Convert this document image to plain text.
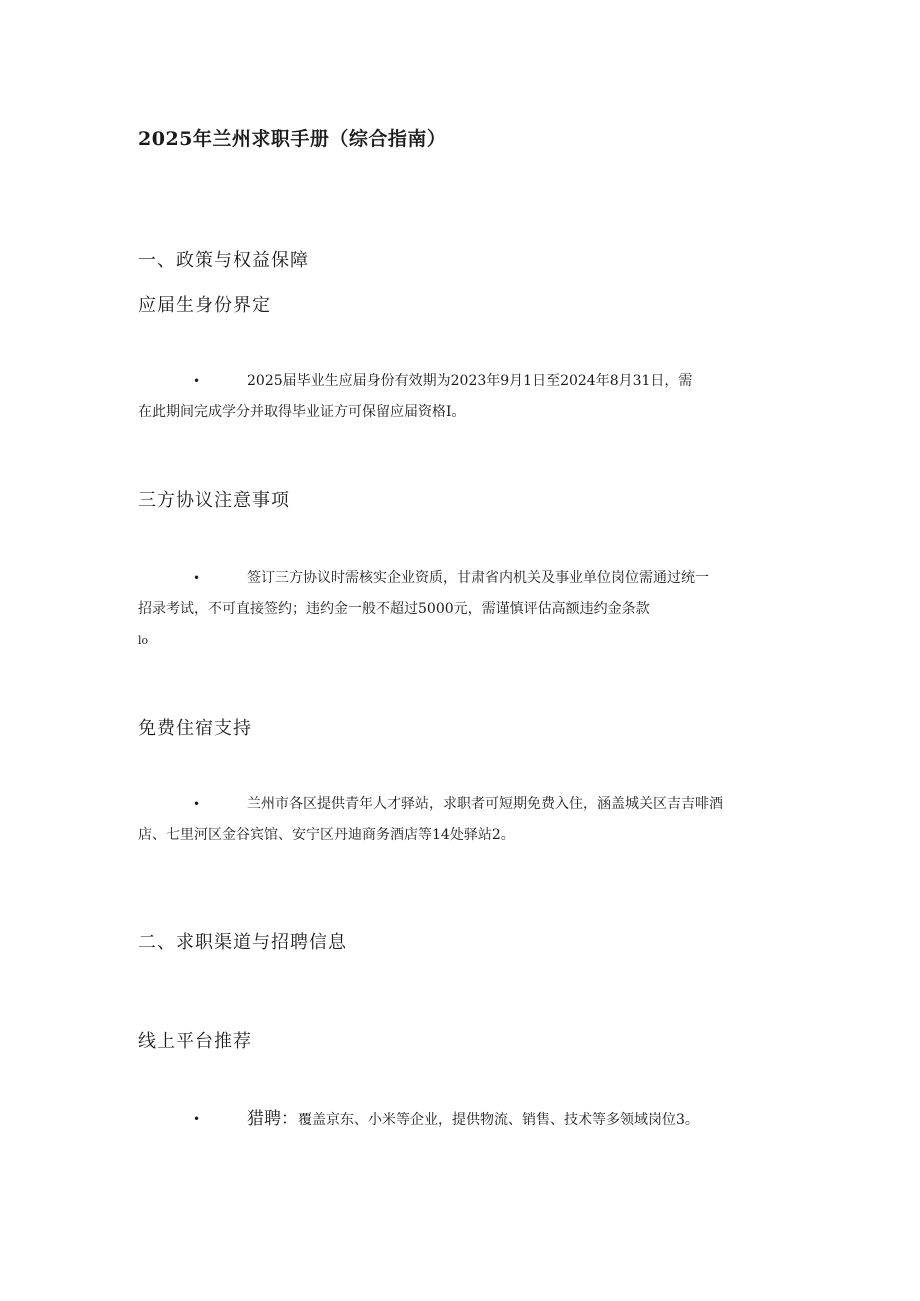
2025年兰州求职手册（综合指南）
一、政策与权益保障
应届生身份界定
•	2025届毕业生应届身份有效期为2023年9月1日至2024年8月31日，需
在此期间完成学分并取得毕业证方可保留应届资格I。
三方协议注意事项
•	签订三方协议时需核实企业资质，甘肃省内机关及事业单位岗位需通过统一
招录考试，不可直接签约；违约金一般不超过5000元，需谨慎评估高额违约金条款
lo
免费住宿支持
•	兰州市各区提供青年人才驿站，求职者可短期免费入住，涵盖城关区吉吉啡酒
店、七里河区金谷宾馆、安宁区丹迪商务酒店等14处驿站2。
二、求职渠道与招聘信息
线上平台推荐
•	猎聘：覆盖京东、小米等企业，提供物流、销售、技术等多领域岗位3。
